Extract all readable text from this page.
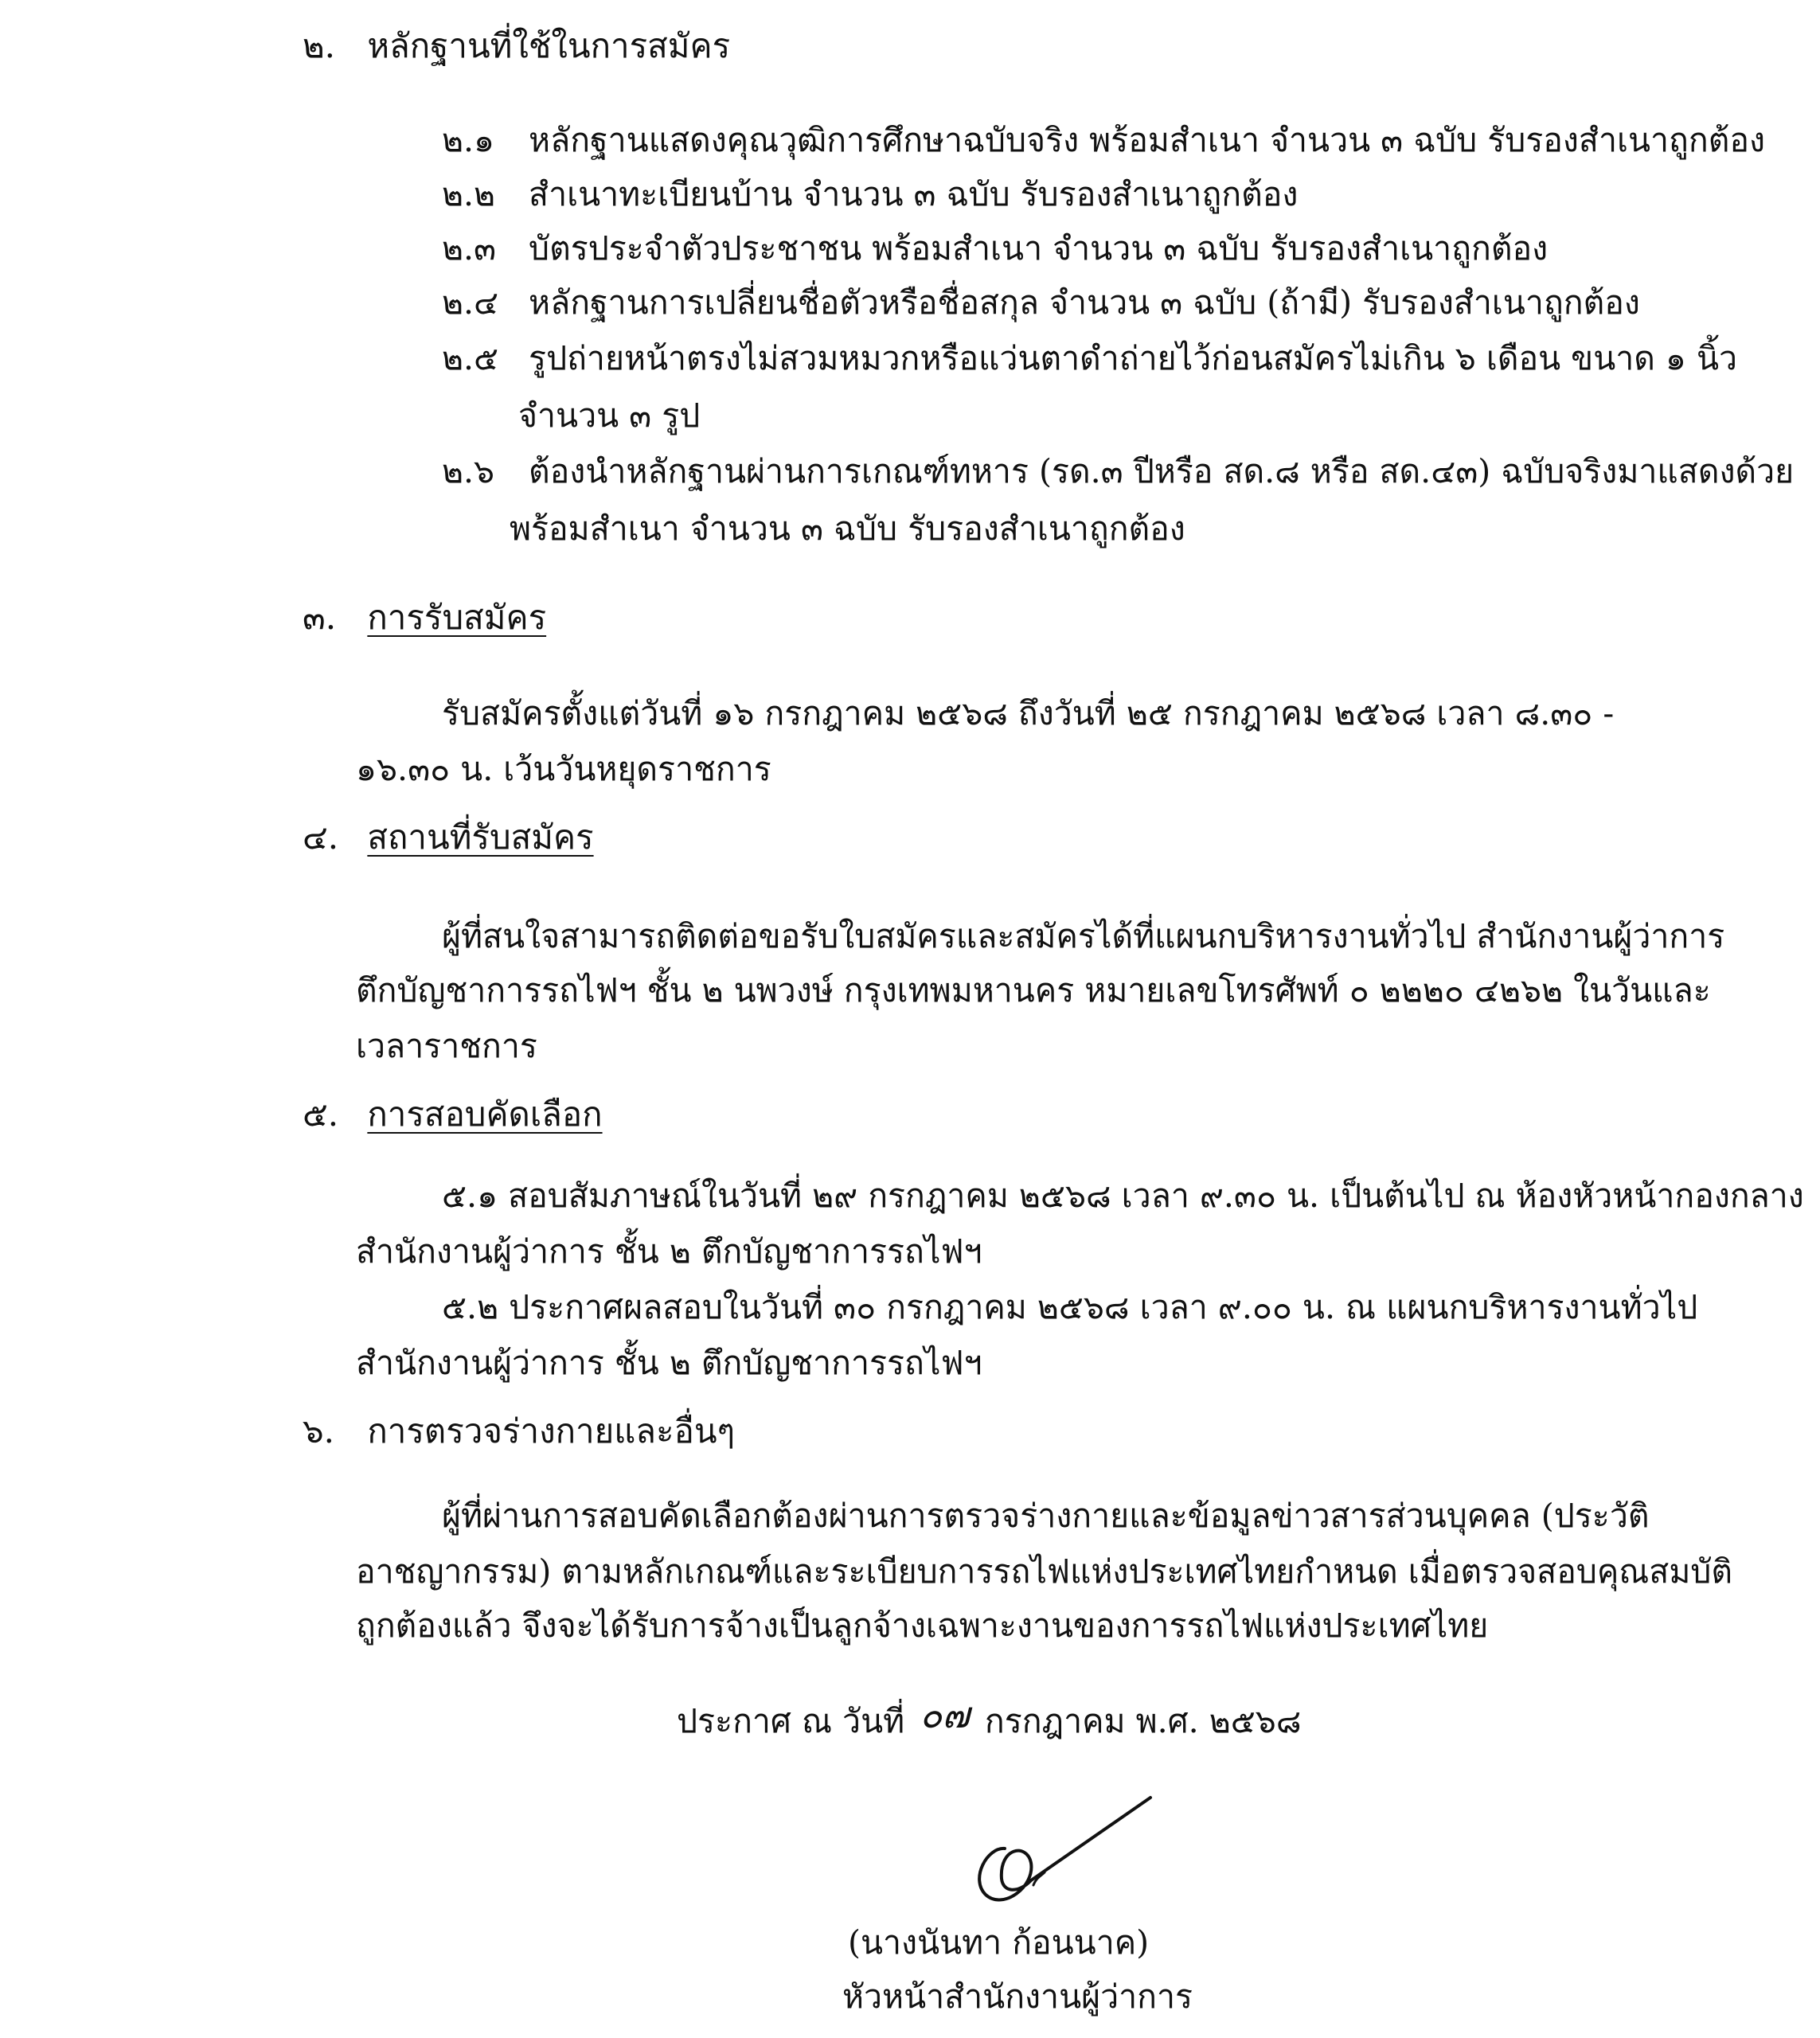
๒. หลักฐานที่ใช้ในการสมัคร
๒.๑ หลักฐานแสดงคุณวุฒิการศึกษาฉบับจริง พร้อมสำเนา จำนวน ๓ ฉบับ รับรองสำเนาถูกต้อง
๒.๒ สำเนาทะเบียนบ้าน จำนวน ๓ ฉบับ รับรองสำเนาถูกต้อง
๒.๓ บัตรประจำตัวประชาชน พร้อมสำเนา จำนวน ๓ ฉบับ รับรองสำเนาถูกต้อง
๒.๔ หลักฐานการเปลี่ยนชื่อตัวหรือชื่อสกุล จำนวน ๓ ฉบับ (ถ้ามี) รับรองสำเนาถูกต้อง
๒.๕ รูปถ่ายหน้าตรงไม่สวมหมวกหรือแว่นตาดำถ่ายไว้ก่อนสมัครไม่เกิน ๖ เดือน ขนาด ๑ นิ้ว
จำนวน ๓ รูป
๒.๖ ต้องนำหลักฐานผ่านการเกณฑ์ทหาร (รด.๓ ปีหรือ สด.๘ หรือ สด.๔๓) ฉบับจริงมาแสดงด้วย
พร้อมสำเนา จำนวน ๓ ฉบับ รับรองสำเนาถูกต้อง
๓. การรับสมัคร
รับสมัครตั้งแต่วันที่ ๑๖ กรกฎาคม ๒๕๖๘ ถึงวันที่ ๒๕ กรกฎาคม ๒๕๖๘ เวลา ๘.๓๐ -
๑๖.๓๐ น. เว้นวันหยุดราชการ
๔. สถานที่รับสมัคร
ผู้ที่สนใจสามารถติดต่อขอรับใบสมัครและสมัครได้ที่แผนกบริหารงานทั่วไป สำนักงานผู้ว่าการ
ตึกบัญชาการรถไฟฯ ชั้น ๒ นพวงษ์ กรุงเทพมหานคร หมายเลขโทรศัพท์ ๐ ๒๒๒๐ ๔๒๖๒ ในวันและ
เวลาราชการ
๕. การสอบคัดเลือก
๕.๑ สอบสัมภาษณ์ในวันที่ ๒๙ กรกฎาคม ๒๕๖๘ เวลา ๙.๓๐ น. เป็นต้นไป ณ ห้องหัวหน้ากองกลาง
สำนักงานผู้ว่าการ ชั้น ๒ ตึกบัญชาการรถไฟฯ
๕.๒ ประกาศผลสอบในวันที่ ๓๐ กรกฎาคม ๒๕๖๘ เวลา ๙.๐๐ น. ณ แผนกบริหารงานทั่วไป
สำนักงานผู้ว่าการ ชั้น ๒ ตึกบัญชาการรถไฟฯ
๖. การตรวจร่างกายและอื่นๆ
ผู้ที่ผ่านการสอบคัดเลือกต้องผ่านการตรวจร่างกายและข้อมูลข่าวสารส่วนบุคคล (ประวัติ
อาชญากรรม) ตามหลักเกณฑ์และระเบียบการรถไฟแห่งประเทศไทยกำหนด เมื่อตรวจสอบคุณสมบัติ
ถูกต้องแล้ว จึงจะได้รับการจ้างเป็นลูกจ้างเฉพาะงานของการรถไฟแห่งประเทศไทย
ประกาศ ณ วันที่ ๐๗ กรกฎาคม พ.ศ. ๒๕๖๘
(นางนันทา ก้อนนาค)
หัวหน้าสำนักงานผู้ว่าการ
